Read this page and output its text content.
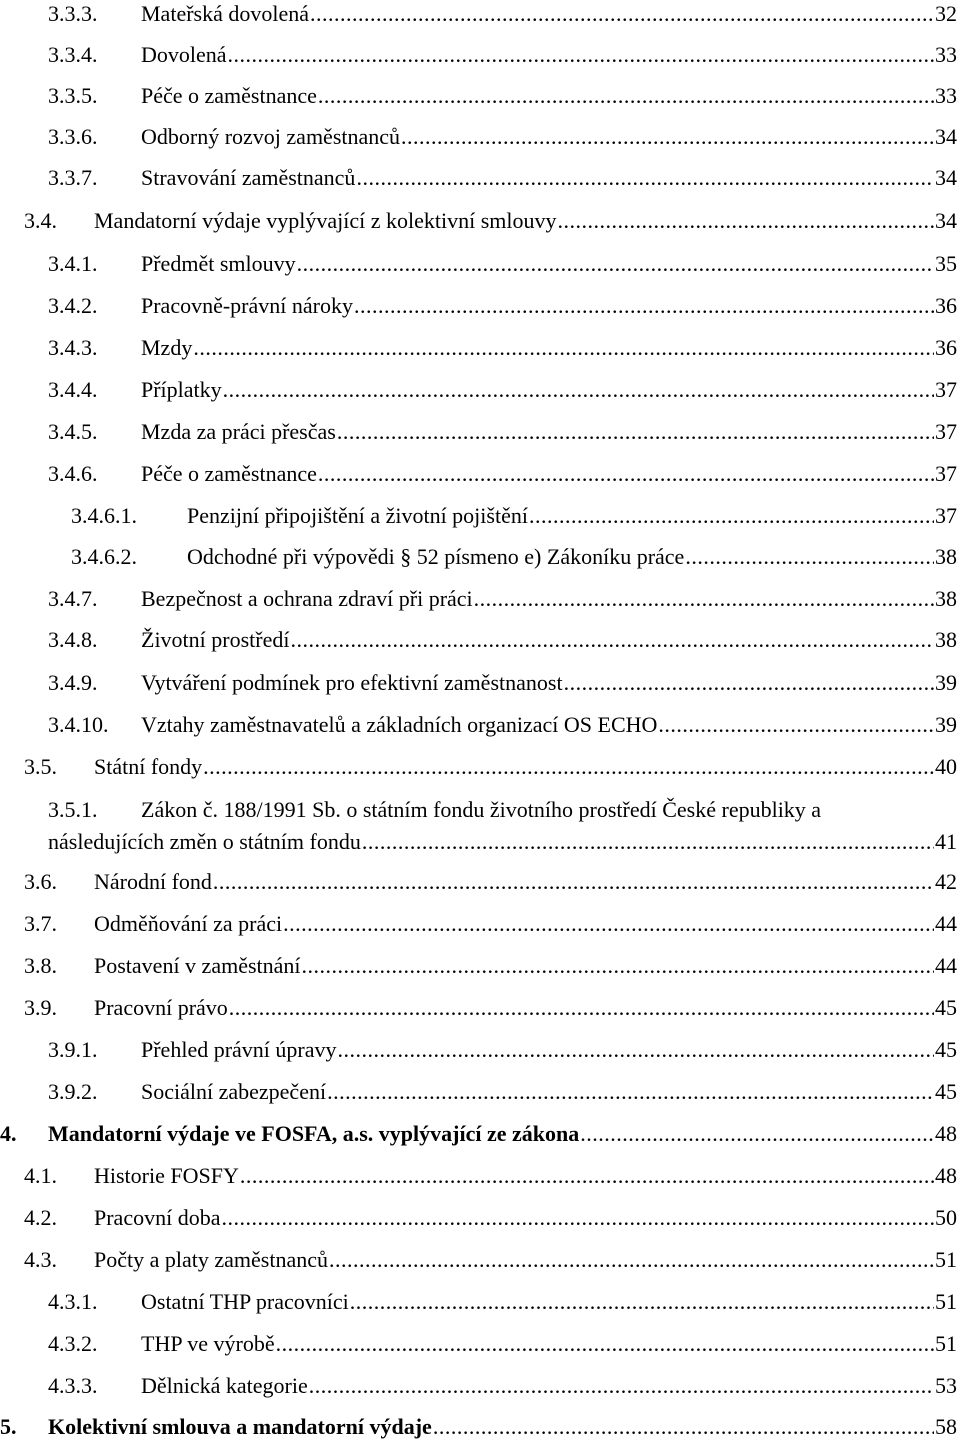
3.3.3.	Mateřská dovolená .....	32
3.3.4.	Dovolená .....	33
3.3.5.	Péče o zaměstnance .....	33
3.3.6.	Odborný rozvoj zaměstnanců .....	34
3.3.7.	Stravování zaměstnanců .....	34
3.4.	Mandatorní výdaje vyplývající z kolektivní smlouvy .....	34
3.4.1.	Předmět smlouvy .....	35
3.4.2.	Pracovně-právní nároky .....	36
3.4.3.	Mzdy .....	36
3.4.4.	Příplatky .....	37
3.4.5.	Mzda za práci přesčas .....	37
3.4.6.	Péče o zaměstnance .....	37
3.4.6.1.	Penzijní připojištění a životní pojištění .....	37
3.4.6.2.	Odchodné při výpovědi § 52 písmeno e) Zákoníku práce .....	38
3.4.7.	Bezpečnost a ochrana zdraví při práci .....	38
3.4.8.	Životní prostředí .....	38
3.4.9.	Vytváření podmínek pro efektivní zaměstnanost .....	39
3.4.10.	Vztahy zaměstnavatelů a základních organizací OS ECHO .....	39
3.5.	Státní fondy .....	40
3.5.1.	Zákon č. 188/1991 Sb. o státním fondu životního prostředí České republiky a
následujících změn o státním fondu .....	41
3.6.	Národní fond .....	42
3.7.	Odměňování za práci .....	44
3.8.	Postavení v zaměstnání .....	44
3.9.	Pracovní právo .....	45
3.9.1.	Přehled právní úpravy .....	45
3.9.2.	Sociální zabezpečení .....	45
4.	Mandatorní výdaje ve FOSFA, a.s. vyplývající ze zákona .....	48
4.1.	Historie FOSFY .....	48
4.2.	Pracovní doba .....	50
4.3.	Počty a platy zaměstnanců .....	51
4.3.1.	Ostatní THP pracovníci .....	51
4.3.2.	THP ve výrobě .....	51
4.3.3.	Dělnická kategorie .....	53
5.	Kolektivní smlouva a mandatorní výdaje .....	58
